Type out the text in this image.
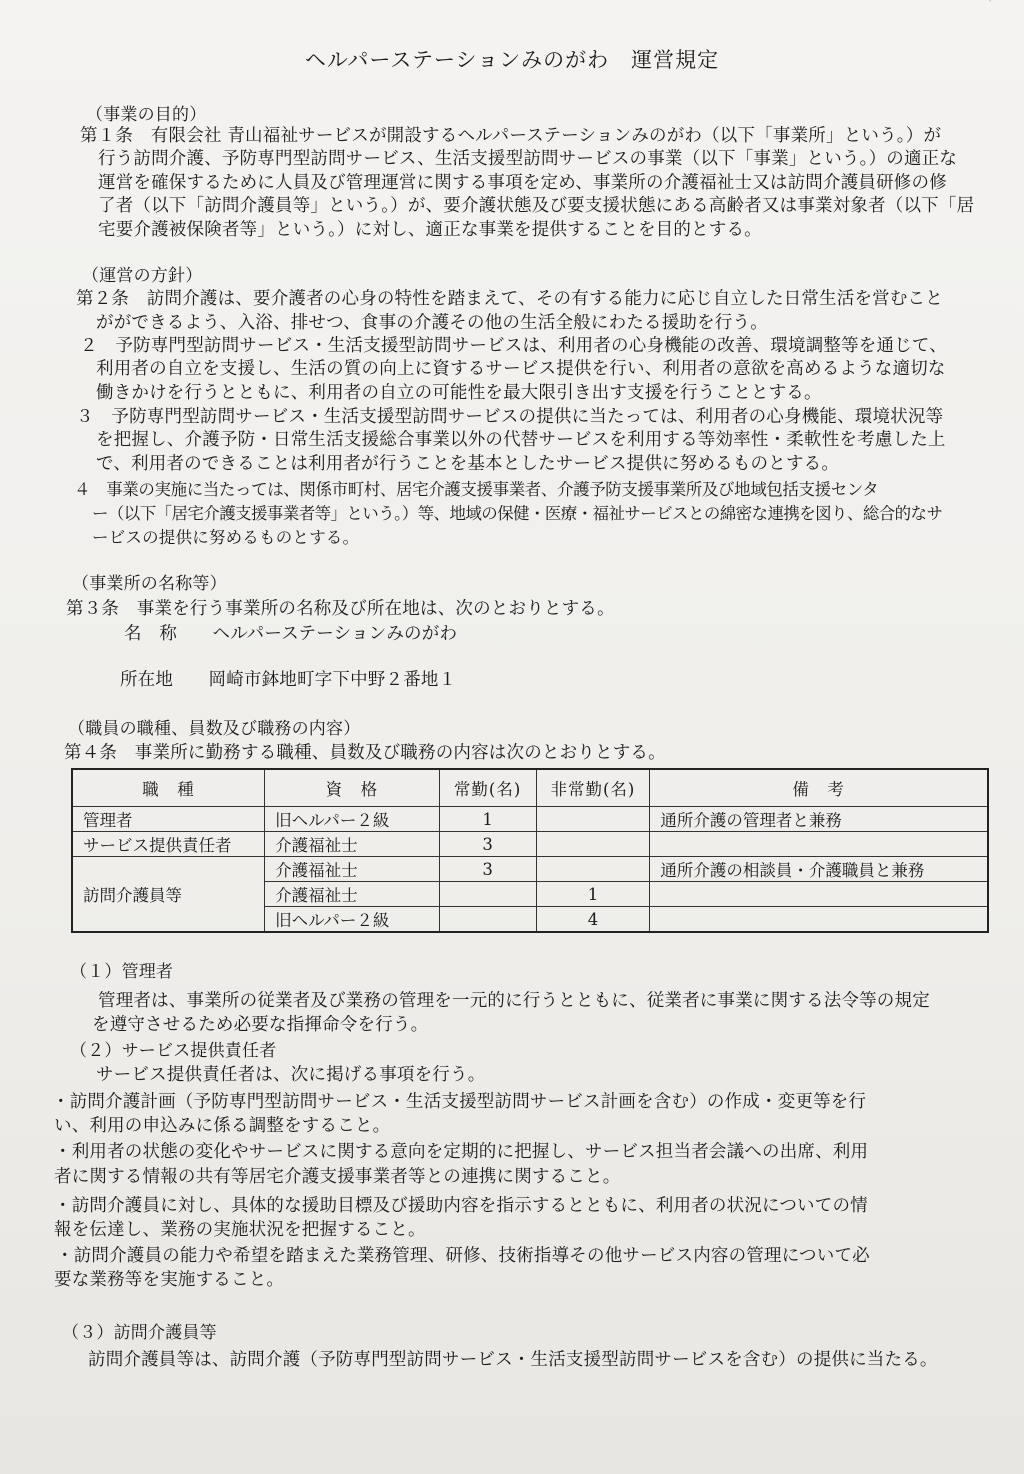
`
ヘルパーステーションみのがわ　運営規定
（事業の目的）
第１条　有限会社 青山福祉サービスが開設するヘルパーステーションみのがわ（以下「事業所」という。）が
行う訪問介護、予防専門型訪問サービス、生活支援型訪問サービスの事業（以下「事業」という。）の適正な
運営を確保するために人員及び管理運営に関する事項を定め、事業所の介護福祉士又は訪問介護員研修の修
了者（以下「訪問介護員等」という。）が、要介護状態及び要支援状態にある高齢者又は事業対象者（以下「居
宅要介護被保険者等」という。）に対し、適正な事業を提供することを目的とする。
（運営の方針）
第２条　訪問介護は、要介護者の心身の特性を踏まえて、その有する能力に応じ自立した日常生活を営むこと
がができるよう、入浴、排せつ、食事の介護その他の生活全般にわたる援助を行う。
２　予防専門型訪問サービス・生活支援型訪問サービスは、利用者の心身機能の改善、環境調整等を通じて、
利用者の自立を支援し、生活の質の向上に資するサービス提供を行い、利用者の意欲を高めるような適切な
働きかけを行うとともに、利用者の自立の可能性を最大限引き出す支援を行うこととする。
３　予防専門型訪問サービス・生活支援型訪問サービスの提供に当たっては、利用者の心身機能、環境状況等
を把握し、介護予防・日常生活支援総合事業以外の代替サービスを利用する等効率性・柔軟性を考慮した上
で、利用者のできることは利用者が行うことを基本としたサービス提供に努めるものとする。
４　事業の実施に当たっては、関係市町村、居宅介護支援事業者、介護予防支援事業所及び地域包括支援センタ
ー（以下「居宅介護支援事業者等」という。）等、地域の保健・医療・福祉サービスとの綿密な連携を図り、総合的なサ
ービスの提供に努めるものとする。
（事業所の名称等）
第３条　事業を行う事業所の名称及び所在地は、次のとおりとする。
名　称　　ヘルパーステーションみのがわ
所在地　　岡崎市鉢地町字下中野２番地１
（職員の職種、員数及び職務の内容）
第４条　事業所に勤務する職種、員数及び職務の内容は次のとおりとする。
職　種	資　格	常勤(名)	非常勤(名)	備　考
管理者	旧ヘルパー２級	1		通所介護の管理者と兼務
サービス提供責任者	介護福祉士	3		
訪問介護員等	介護福祉士	3		通所介護の相談員・介護職員と兼務
	介護福祉士		1	
	旧ヘルパー２級		4	
（１）管理者
管理者は、事業所の従業者及び業務の管理を一元的に行うとともに、従業者に事業に関する法令等の規定
を遵守させるため必要な指揮命令を行う。
（２）サービス提供責任者
サービス提供責任者は、次に掲げる事項を行う。
・訪問介護計画（予防専門型訪問サービス・生活支援型訪問サービス計画を含む）の作成・変更等を行
い、利用の申込みに係る調整をすること。
・利用者の状態の変化やサービスに関する意向を定期的に把握し、サービス担当者会議への出席、利用
者に関する情報の共有等居宅介護支援事業者等との連携に関すること。
・訪問介護員に対し、具体的な援助目標及び援助内容を指示するとともに、利用者の状況についての情
報を伝達し、業務の実施状況を把握すること。
・訪問介護員の能力や希望を踏まえた業務管理、研修、技術指導その他サービス内容の管理について必
要な業務等を実施すること。
（３）訪問介護員等
訪問介護員等は、訪問介護（予防専門型訪問サービス・生活支援型訪問サービスを含む）の提供に当たる。
